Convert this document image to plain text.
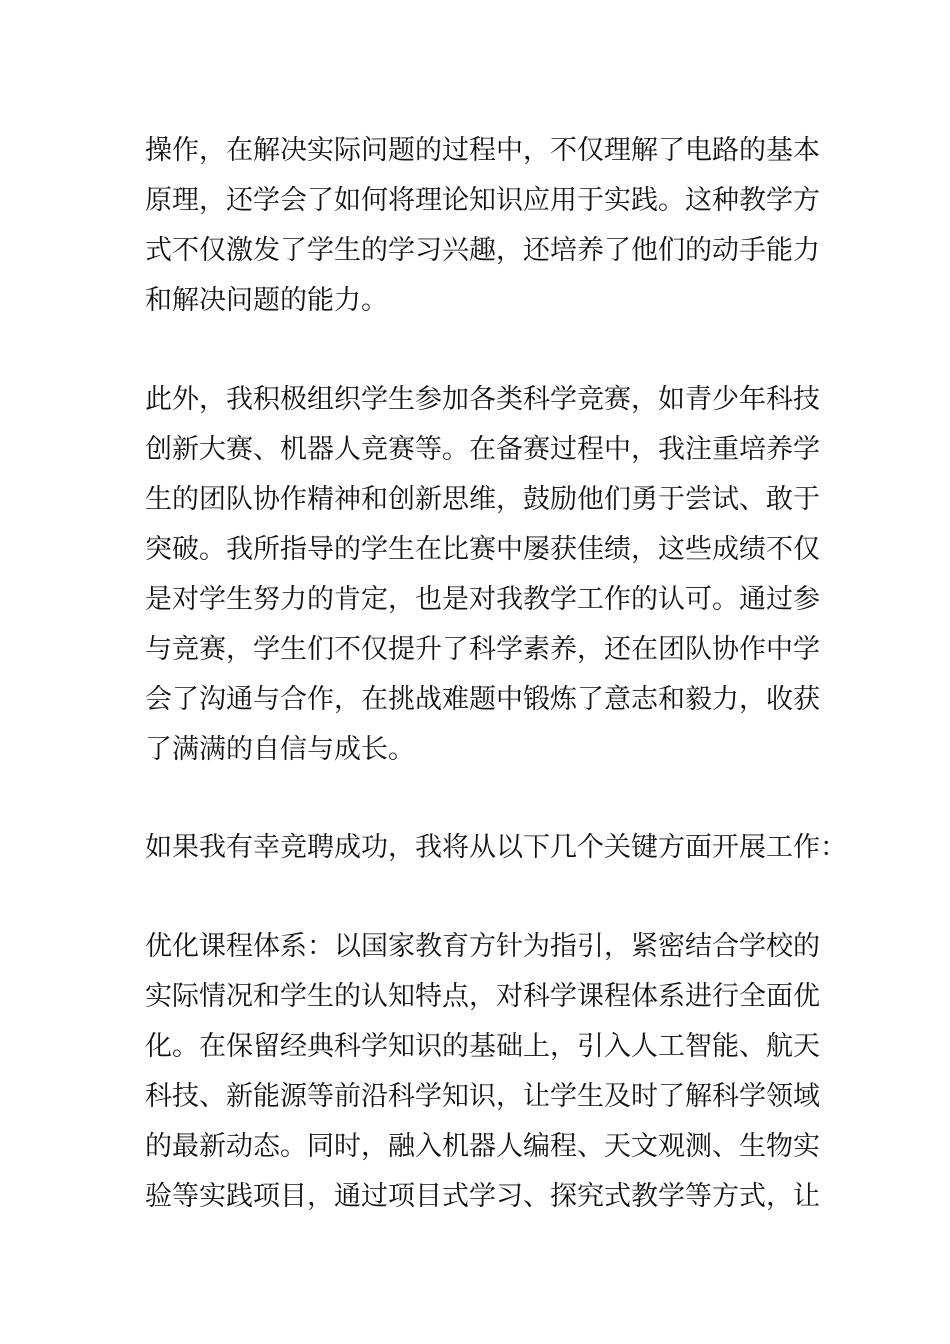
操作，在解决实际问题的过程中，不仅理解了电路的基本

原理，还学会了如何将理论知识应用于实践。这种教学方

式不仅激发了学生的学习兴趣，还培养了他们的动手能力

和解决问题的能力。

此外，我积极组织学生参加各类科学竞赛，如青少年科技

创新大赛、机器人竞赛等。在备赛过程中，我注重培养学

生的团队协作精神和创新思维，鼓励他们勇于尝试、敢于

突破。我所指导的学生在比赛中屡获佳绩，这些成绩不仅

是对学生努力的肯定，也是对我教学工作的认可。通过参

与竞赛，学生们不仅提升了科学素养，还在团队协作中学

会了沟通与合作，在挑战难题中锻炼了意志和毅力，收获

了满满的自信与成长。

如果我有幸竞聘成功，我将从以下几个关键方面开展工作：

优化课程体系：以国家教育方针为指引，紧密结合学校的

实际情况和学生的认知特点，对科学课程体系进行全面优

化。在保留经典科学知识的基础上，引入人工智能、航天

科技、新能源等前沿科学知识，让学生及时了解科学领域

的最新动态。同时，融入机器人编程、天文观测、生物实

验等实践项目，通过项目式学习、探究式教学等方式，让
